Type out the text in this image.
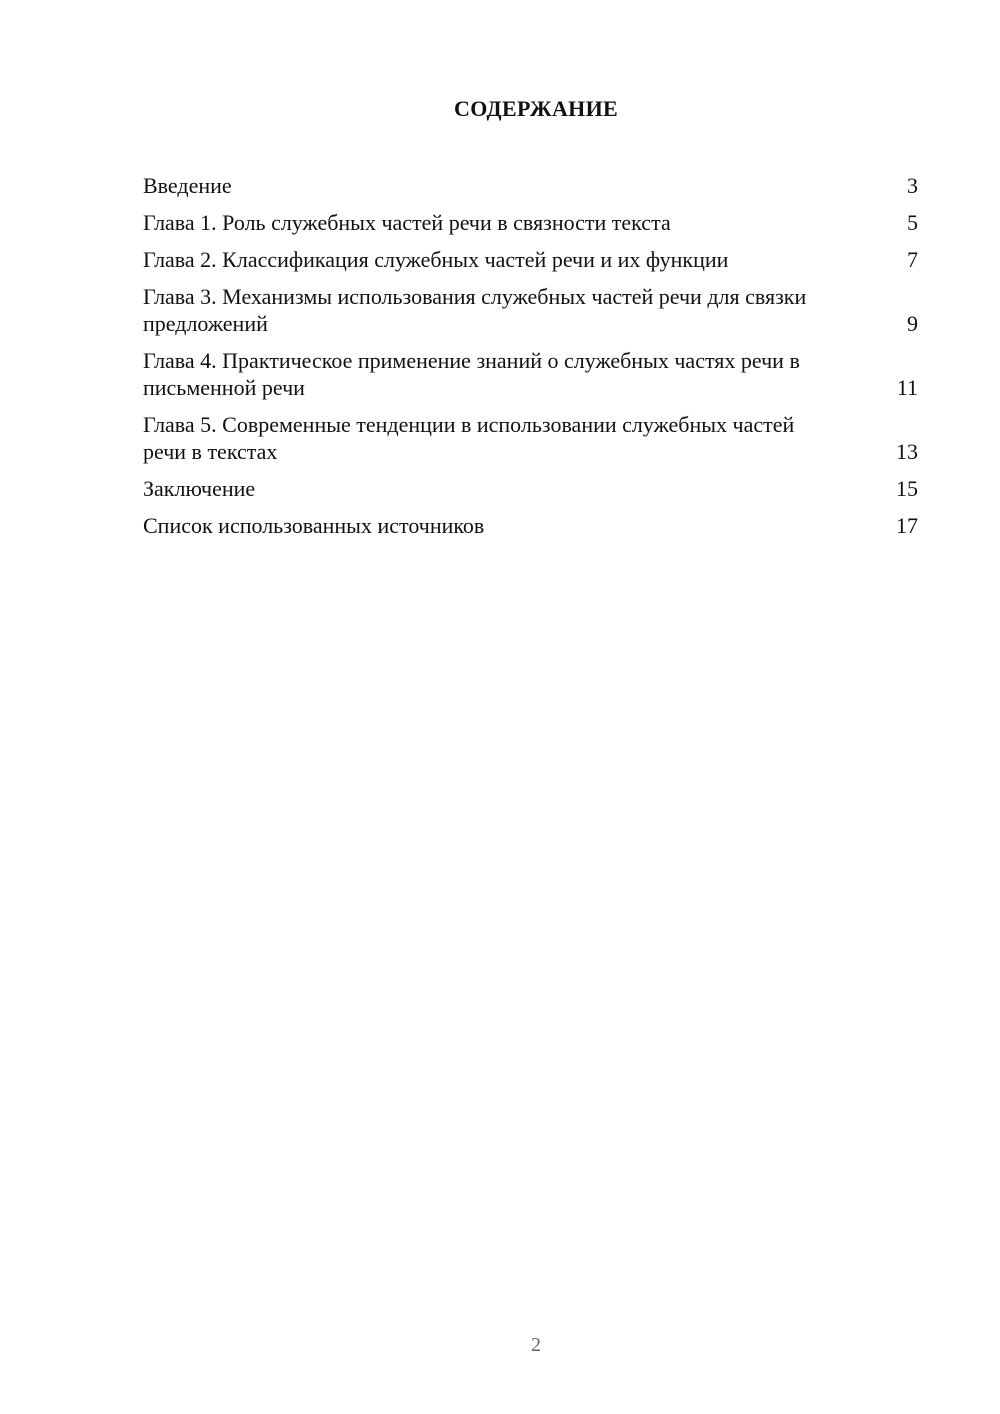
СОДЕРЖАНИЕ
Введение	3
Глава 1. Роль служебных частей речи в связности текста	5
Глава 2. Классификация служебных частей речи и их функции	7
Глава 3. Механизмы использования служебных частей речи для связки предложений	9
Глава 4. Практическое применение знаний о служебных частях речи в письменной речи	11
Глава 5. Современные тенденции в использовании служебных частей речи в текстах	13
Заключение	15
Список использованных источников	17
2
